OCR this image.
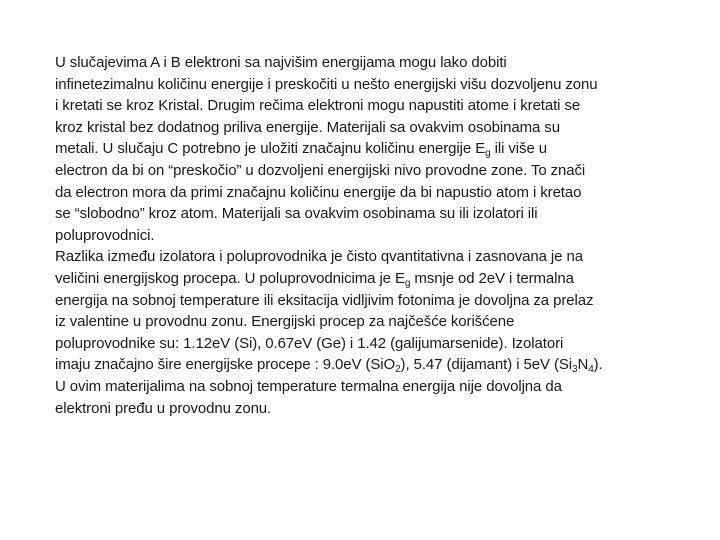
U slučajevima A i B elektroni sa najvišim energijama mogu lako dobiti
infinetezimalnu količinu energije i preskočiti u nešto energijski višu dozvoljenu zonu
i kretati se kroz Kristal. Drugim rečima elektroni mogu napustiti atome i kretati se
kroz kristal bez dodatnog priliva energije. Materijali sa ovakvim osobinama su
metali. U slučaju C potrebno je uložiti značajnu količinu energije $E_g$ ili više u
electron da bi on “preskočio” u dozvoljeni energijski nivo provodne zone. To znači
da electron mora da primi značajnu količinu energije da bi napustio atom i kretao
se “slobodno” kroz atom. Materijali sa ovakvim osobinama su ili izolatori ili
poluprovodnici.

Razlika između izolatora i poluprovodnika je čisto qvantitativna i zasnovana je na
veličini energijskog procepa. U poluprovodnicima je $E_g$ msnje od 2eV i termalna
energija na sobnoj temperature ili eksitacija vidljivim fotonima je dovoljna za prelaz
iz valentine u provodnu zonu. Energijski procep za najčešće korišćene
poluprovodnike su: 1.12eV (Si), 0.67eV (Ge) i 1.42 (galijumarsenide). Izolatori
imaju značajno šire energijske procepe : 9.0eV (SiO$_2$), 5.47 (dijamant) i 5eV $(Si_3N_4)$.
U ovim materijalima na sobnoj temperature termalna energija nije dovoljna da
elektroni pređu u provodnu zonu.
